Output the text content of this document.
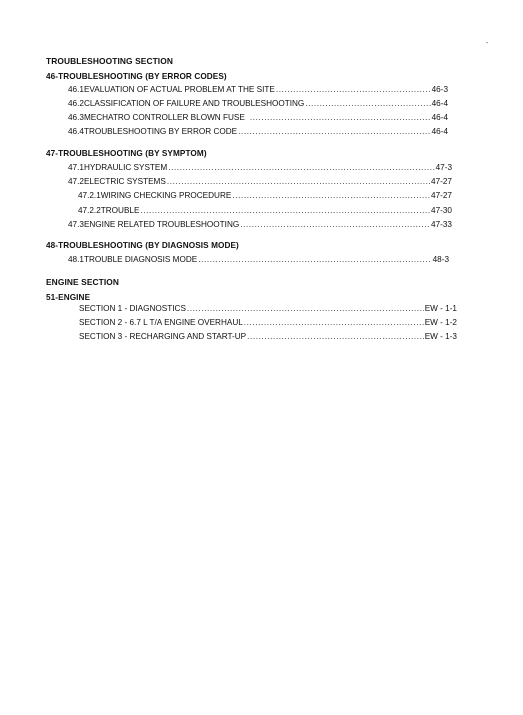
-
TROUBLESHOOTING SECTION
46-TROUBLESHOOTING (BY ERROR CODES)
46.1 EVALUATION OF ACTUAL PROBLEM AT THE SITE .....	46-3
46.2 CLASSIFICATION OF FAILURE AND TROUBLESHOOTING .....	46-4
46.3 MECHATRO CONTROLLER BLOWN FUSE .....	46-4
46.4 TROUBLESHOOTING BY ERROR CODE .....	46-4
47-TROUBLESHOOTING (BY SYMPTOM)
47.1 HYDRAULIC SYSTEM .....	47-3
47.2 ELECTRIC SYSTEMS .....	47-27
47.2.1 WIRING CHECKING PROCEDURE .....	47-27
47.2.2 TROUBLE .....	47-30
47.3 ENGINE RELATED TROUBLESHOOTING .....	47-33
48-TROUBLESHOOTING (BY DIAGNOSIS MODE)
48.1 TROUBLE DIAGNOSIS MODE .....	48-3
ENGINE SECTION
51-ENGINE
SECTION 1 - DIAGNOSTICS .....	EW - 1-1
SECTION 2 - 6.7 L T/A ENGINE OVERHAUL .....	EW - 1-2
SECTION 3 - RECHARGING AND START-UP .....	EW - 1-3
